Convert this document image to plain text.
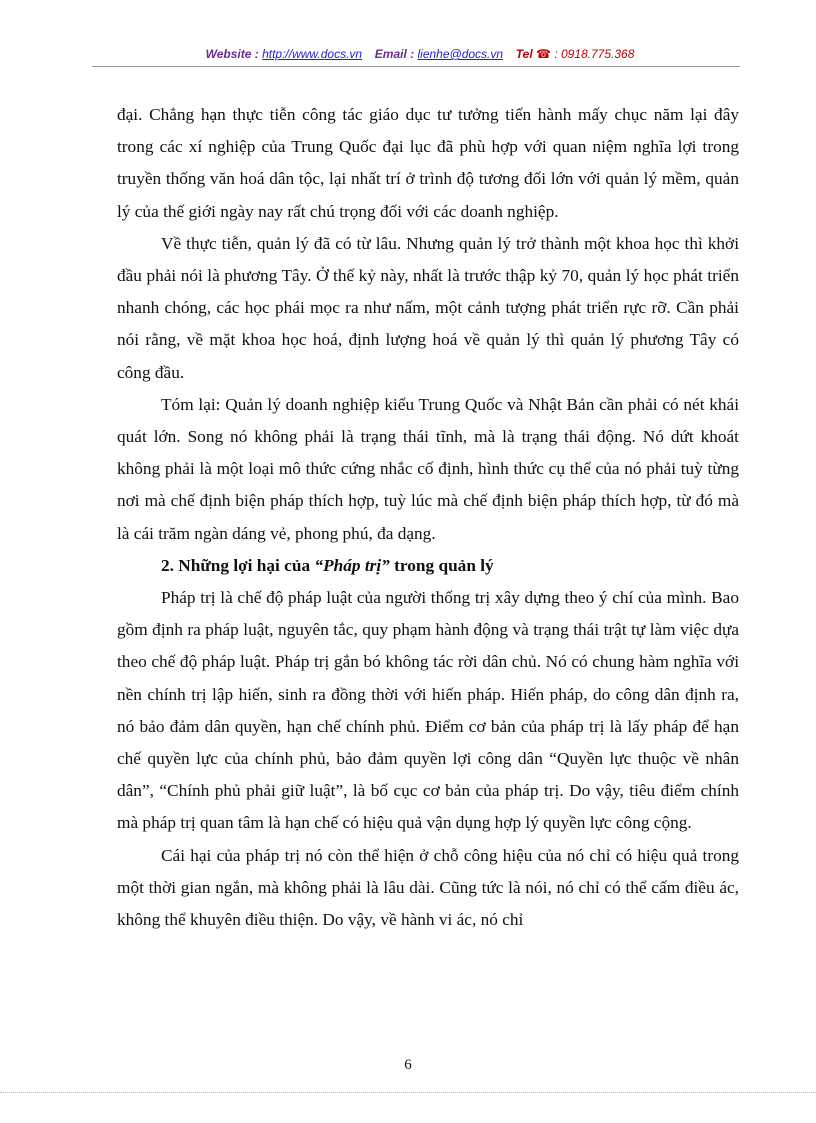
Website : http://www.docs.vn Email : lienhe@docs.vn Tel ☎ : 0918.775.368

đại. Chẳng hạn thực tiễn công tác giáo dục tư tưởng tiến hành mấy chục năm lại đây trong các xí nghiệp của Trung Quốc đại lục đã phù hợp với quan niệm nghĩa lợi trong truyền thống văn hoá dân tộc, lại nhất trí ở trình độ tương đối lớn với quản lý mềm, quản lý của thế giới ngày nay rất chú trọng đối với các doanh nghiệp.

Về thực tiễn, quản lý đã có từ lâu. Nhưng quản lý trở thành một khoa học thì khởi đầu phải nói là phương Tây. Ở thế kỷ này, nhất là trước thập kỷ 70, quản lý học phát triển nhanh chóng, các học phái mọc ra như nấm, một cảnh tượng phát triển rực rỡ. Cần phải nói rằng, về mặt khoa học hoá, định lượng hoá về quản lý thì quản lý phương Tây có công đầu.

Tóm lại: Quản lý doanh nghiệp kiểu Trung Quốc và Nhật Bản cần phải có nét khái quát lớn. Song nó không phải là trạng thái tĩnh, mà là trạng thái động. Nó dứt khoát không phải là một loại mô thức cứng nhắc cố định, hình thức cụ thể của nó phải tuỳ từng nơi mà chế định biện pháp thích hợp, tuỳ lúc mà chế định biện pháp thích hợp, từ đó mà là cái trăm ngàn dáng vẻ, phong phú, đa dạng.

2. Những lợi hại của “Pháp trị” trong quản lý

Pháp trị là chế độ pháp luật của người thống trị xây dựng theo ý chí của mình. Bao gồm định ra pháp luật, nguyên tắc, quy phạm hành động và trạng thái trật tự làm việc dựa theo chế độ pháp luật. Pháp trị gắn bó không tác rời dân chủ. Nó có chung hàm nghĩa với nền chính trị lập hiến, sinh ra đồng thời với hiến pháp. Hiến pháp, do công dân định ra, nó bảo đảm dân quyền, hạn chế chính phủ. Điểm cơ bản của pháp trị là lấy pháp để hạn chế quyền lực của chính phủ, bảo đảm quyền lợi công dân “Quyền lực thuộc về nhân dân”, “Chính phủ phải giữ luật”, là bố cục cơ bản của pháp trị. Do vậy, tiêu điểm chính mà pháp trị quan tâm là hạn chế có hiệu quả vận dụng hợp lý quyền lực công cộng.

Cái hại của pháp trị nó còn thể hiện ở chỗ công hiệu của nó chỉ có hiệu quả trong một thời gian ngắn, mà không phải là lâu dài. Cũng tức là nói, nó chỉ có thể cấm điều ác, không thể khuyên điều thiện. Do vậy, về hành vi ác, nó chỉ

6
